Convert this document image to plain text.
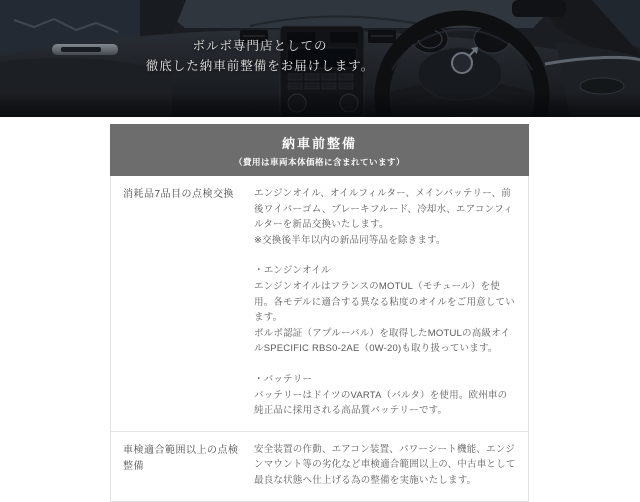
ボルボ専門店としての
徹底した納車前整備をお届けします。
納車前整備
（費用は車両本体価格に含まれています）
消耗品7品目の点検交換	エンジンオイル、オイルフィルター、メインバッテリー、前後ワイパーゴム、ブレーキフルード、冷却水、エアコンフィルターを新品交換いたします。

※交換後半年以内の新品同等品を除きます。

・エンジンオイル

エンジンオイルはフランスのMOTUL（モチュール）を使用。各モデルに適合する異なる粘度のオイルをご用意しています。

ボルボ認証（アプルーバル）を取得したMOTULの高級オイルSPECIFIC RBS0-2AE（0W-20)も取り扱っています。

・バッテリー

バッテリーはドイツのVARTA（バルタ）を使用。欧州車の純正品に採用される高品質バッテリーです。

車検適合範囲以上の点検整備

安全装置の作動、エアコン装置、パワーシート機能、エンジンマウント等の劣化など車検適合範囲以上の、中古車として最良な状態へ仕上げる為の整備を実施いたします。
